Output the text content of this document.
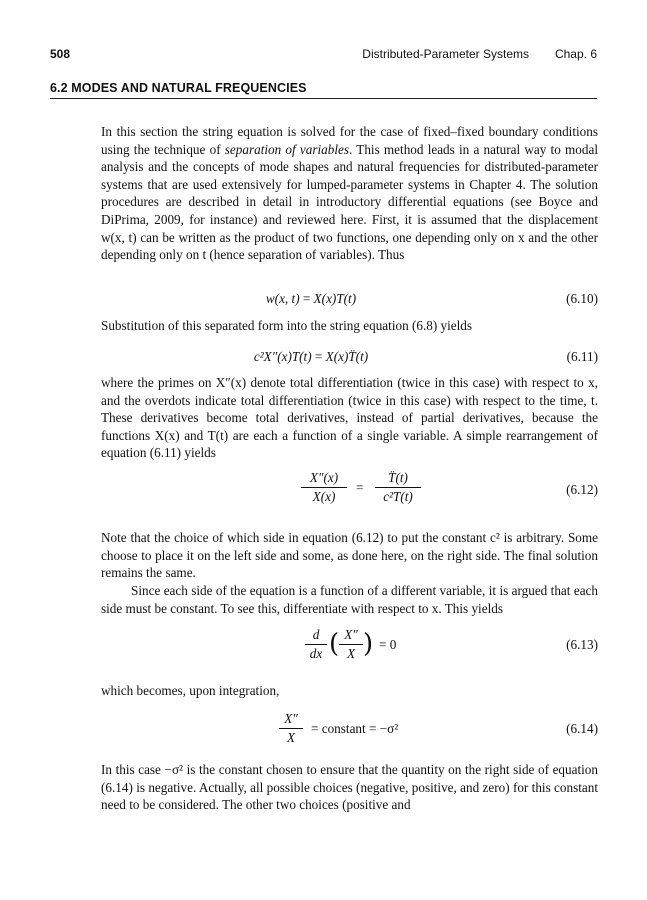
508	Distributed-Parameter Systems Chap. 6
6.2 MODES AND NATURAL FREQUENCIES

In this section the string equation is solved for the case of fixed–fixed boundary conditions using the technique of separation of variables. This method leads in a natural way to modal analysis and the concepts of mode shapes and natural frequencies for distributed-parameter systems that are used extensively for lumped-parameter systems in Chapter 4. The solution procedures are described in detail in introductory differential equations (see Boyce and DiPrima, 2009, for instance) and reviewed here. First, it is assumed that the displacement w(x, t) can be written as the product of two functions, one depending only on x and the other depending only on t (hence separation of variables). Thus

w(x, t) = X(x)T(t)	(6.10)

Substitution of this separated form into the string equation (6.8) yields

c²X″(x)T(t) = X(x)T̈(t)	(6.11)

where the primes on X″(x) denote total differentiation (twice in this case) with respect to x, and the overdots indicate total differentiation (twice in this case) with respect to the time, t. These derivatives become total derivatives, instead of partial derivatives, because the functions X(x) and T(t) are each a function of a single variable. A simple rearrangement of equation (6.11) yields

X″(x)
X(x)
=
T̈(t)
c²T(t)	(6.12)

Note that the choice of which side in equation (6.12) to put the constant c² is arbitrary. Some choose to place it on the left side and some, as done here, on the right side. The final solution remains the same.

Since each side of the equation is a function of a different variable, it is argued that each side must be constant. To see this, differentiate with respect to x. This yields

d
dx ( X″
X ) = 0	(6.13)

which becomes, upon integration,

X″
X
= constant = −σ²	(6.14)

In this case −σ² is the constant chosen to ensure that the quantity on the right side of equation (6.14) is negative. Actually, all possible choices (negative, positive, and zero) for this constant need to be considered. The other two choices (positive and
